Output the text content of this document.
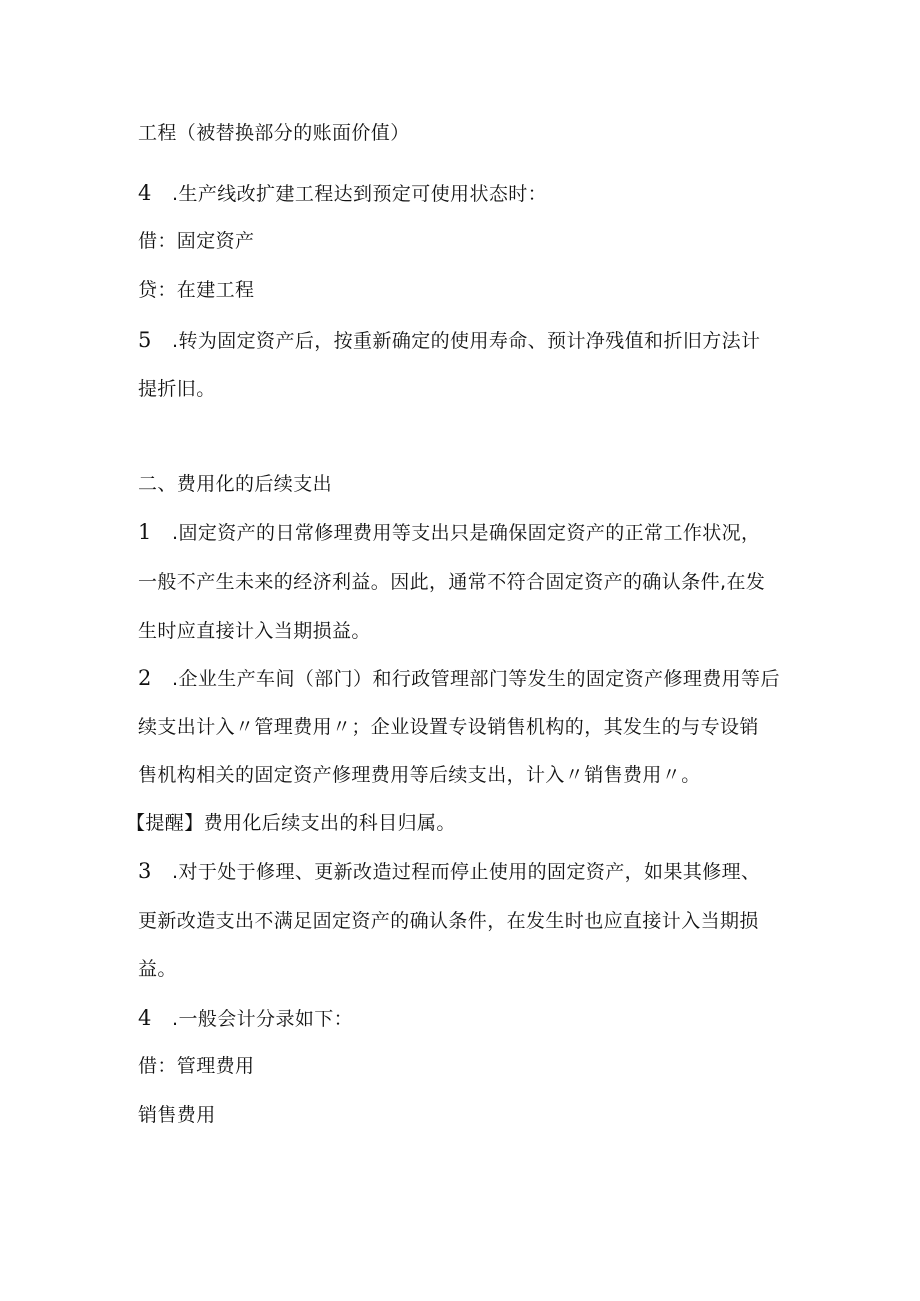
工程（被替换部分的账面价值）
4 .生产线改扩建工程达到预定可使用状态时：
借：固定资产
贷：在建工程
5 .转为固定资产后，按重新确定的使用寿命、预计净残值和折旧方法计
提折旧。
二、费用化的后续支出
1 .固定资产的日常修理费用等支出只是确保固定资产的正常工作状况，
一般不产生未来的经济利益。因此，通常不符合固定资产的确认条件,在发
生时应直接计入当期损益。
2 .企业生产车间（部门）和行政管理部门等发生的固定资产修理费用等后
续支出计入〃管理费用〃；企业设置专设销售机构的，其发生的与专设销
售机构相关的固定资产修理费用等后续支出，计入〃销售费用〃。
【提醒】费用化后续支出的科目归属。
3 .对于处于修理、更新改造过程而停止使用的固定资产，如果其修理、
更新改造支出不满足固定资产的确认条件，在发生时也应直接计入当期损
益。
4 .一般会计分录如下：
借：管理费用
销售费用
